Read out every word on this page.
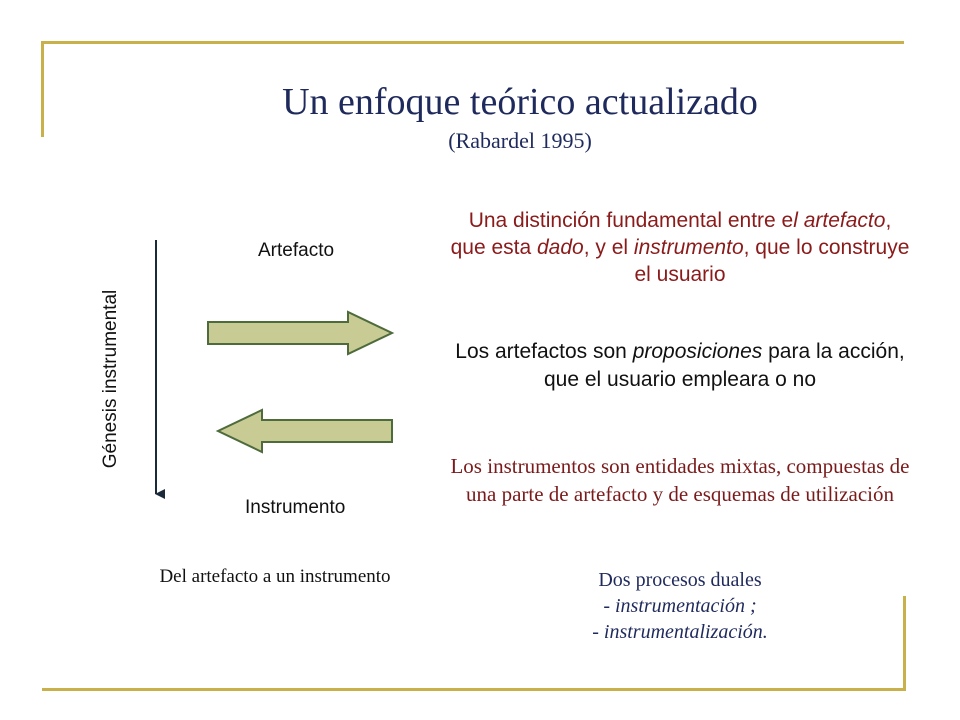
Un enfoque teórico actualizado
(Rabardel 1995)
Artefacto
Instrumento
Génesis instrumental
Del artefacto a un instrumento
Una distinción fundamental entre el artefacto, que esta dado, y el instrumento, que lo construye el usuario
Los artefactos son proposiciones para la acción, que el usuario empleara o no
Los instrumentos son entidades mixtas, compuestas de una parte de artefacto y de esquemas de utilización
Dos procesos duales
- instrumentación ;
- instrumentalización.
